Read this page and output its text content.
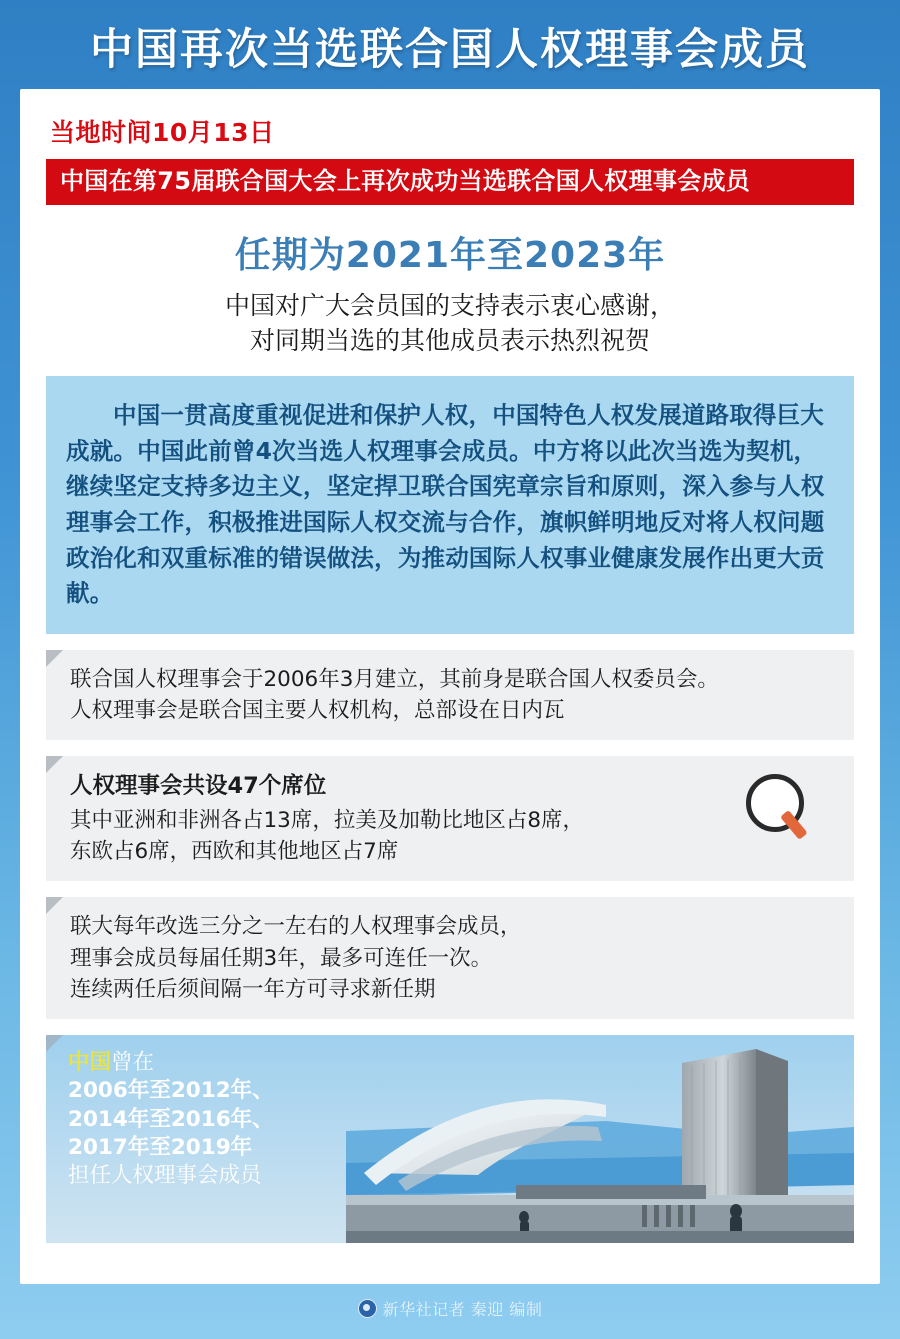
中国再次当选联合国人权理事会成员
当地时间10月13日
中国在第75届联合国大会上再次成功当选联合国人权理事会成员
任期为2021年至2023年
中国对广大会员国的支持表示衷心感谢，
对同期当选的其他成员表示热烈祝贺
中国一贯高度重视促进和保护人权，中国特色人权发展道路取得巨大成就。中国此前曾4次当选人权理事会成员。中方将以此次当选为契机，继续坚定支持多边主义，坚定捍卫联合国宪章宗旨和原则，深入参与人权理事会工作，积极推进国际人权交流与合作，旗帜鲜明地反对将人权问题政治化和双重标准的错误做法，为推动国际人权事业健康发展作出更大贡献。

联合国人权理事会于2006年3月建立，其前身是联合国人权委员会。

人权理事会是联合国主要人权机构，总部设在日内瓦

人权理事会共设47个席位

其中亚洲和非洲各占13席，拉美及加勒比地区占8席，

东欧占6席，西欧和其他地区占7席

联大每年改选三分之一左右的人权理事会成员，

理事会成员每届任期3年，最多可连任一次。

连续两任后须间隔一年方可寻求新任期

中国曾在
2006年至2012年、
2014年至2016年、
2017年至2019年
担任人权理事会成员
新华社记者 秦迎 编制
